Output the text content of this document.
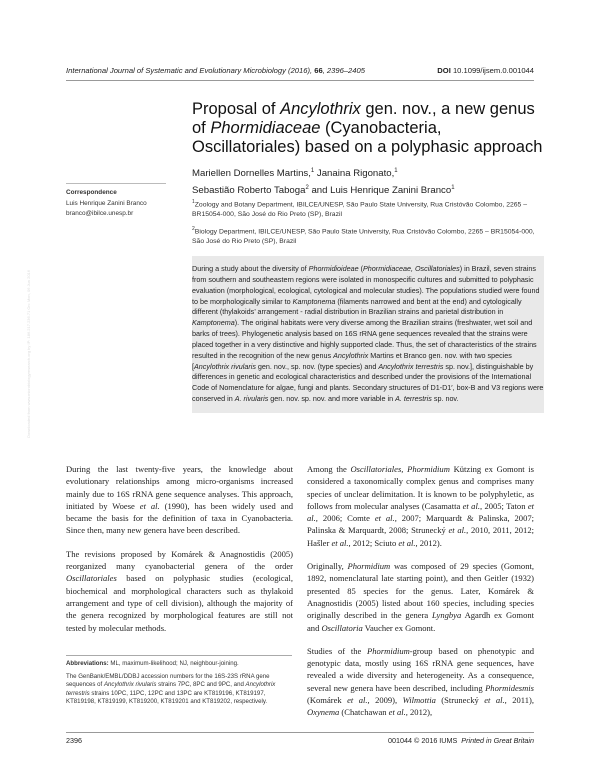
International Journal of Systematic and Evolutionary Microbiology (2016), 66, 2396–2405	DOI 10.1099/ijsem.0.001044
Proposal of Ancylothrix gen. nov., a new genus of Phormidiaceae (Cyanobacteria, Oscillatoriales) based on a polyphasic approach
Mariellen Dornelles Martins,$^1$ Janaina Rigonato,$^1$
Sebastião Roberto Taboga$^2$ and Luis Henrique Zanini Branco$^1$
$^1$Zoology and Botany Department, IBILCE/UNESP, São Paulo State University, Rua Cristóvão Colombo, 2265 – BR15054-000, São José do Rio Preto (SP), Brazil
$^2$Biology Department, IBILCE/UNESP, São Paulo State University, Rua Cristóvão Colombo, 2265 – BR15054-000, São José do Rio Preto (SP), Brazil
Correspondence
Luis Henrique Zanini Branco
branco@ibilce.unesp.br
Downloaded from www.microbiologyresearch.org by IP: 186.217.236.71 On: Mon, 06 Jun 2016

During a study about the diversity of Phormidioideae (Phormidiaceae, Oscillatoriales) in Brazil, seven strains from southern and southeastern regions were isolated in monospecific cultures and submitted to polyphasic evaluation (morphological, ecological, cytological and molecular studies). The populations studied were found to be morphologically similar to Kamptonema (filaments narrowed and bent at the end) and cytologically different (thylakoids’ arrangement - radial distribution in Brazilian strains and parietal distribution in Kamptonema). The original habitats were very diverse among the Brazilian strains (freshwater, wet soil and barks of trees). Phylogenetic analysis based on 16S rRNA gene sequences revealed that the strains were placed together in a very distinctive and highly supported clade. Thus, the set of characteristics of the strains resulted in the recognition of the new genus Ancylothrix Martins et Branco gen. nov. with two species [Ancylothrix rivularis gen. nov., sp. nov. (type species) and Ancylothrix terrestris sp. nov.], distinguishable by differences in genetic and ecological characteristics and described under the provisions of the International Code of Nomenclature for algae, fungi and plants. Secondary structures of D1-D1′, box-B and V3 regions were conserved in A. rivularis gen. nov. sp. nov. and more variable in A. terrestris sp. nov.

During the last twenty-five years, the knowledge about evolutionary relationships among micro-organisms increased mainly due to 16S rRNA gene sequence analyses. This approach, initiated by Woese et al. (1990), has been widely used and became the basis for the definition of taxa in Cyanobacteria. Since then, many new genera have been described.

The revisions proposed by Komárek & Anagnostidis (2005) reorganized many cyanobacterial genera of the order Oscillatoriales based on polyphasic studies (ecological, biochemical and morphological characters such as thylakoid arrangement and type of cell division), although the majority of the genera recognized by morphological features are still not tested by molecular methods.

Abbreviations: ML, maximum-likelihood; NJ, neighbour-joining.

The GenBank/EMBL/DDBJ accession numbers for the 16S-23S rRNA gene sequences of Ancylothrix rivularis strains 7PC, 8PC and 9PC, and Ancylothrix terrestris strains 10PC, 11PC, 12PC and 13PC are KT819196, KT819197, KT819198, KT819199, KT819200, KT819201 and KT819202, respectively.

Among the Oscillatoriales, Phormidium Kützing ex Gomont is considered a taxonomically complex genus and comprises many species of unclear delimitation. It is known to be polyphyletic, as follows from molecular analyses (Casamatta et al., 2005; Taton et al., 2006; Comte et al., 2007; Marquardt & Palinska, 2007; Palinska & Marquardt, 2008; Strunecký et al., 2010, 2011, 2012; Hašler et al., 2012; Sciuto et al., 2012).

Originally, Phormidium was composed of 29 species (Gomont, 1892, nomenclatural late starting point), and then Geitler (1932) presented 85 species for the genus. Later, Komárek & Anagnostidis (2005) listed about 160 species, including species originally described in the genera Lyngbya Agardh ex Gomont and Oscillatoria Vaucher ex Gomont.

Studies of the Phormidium-group based on phenotypic and genotypic data, mostly using 16S rRNA gene sequences, have revealed a wide diversity and heterogeneity. As a consequence, several new genera have been described, including Phormidesmis (Komárek et al., 2009), Wilmottia (Strunecký et al., 2011), Oxynema (Chatchawan et al., 2012),

2396	001044 © 2016 IUMS Printed in Great Britain
